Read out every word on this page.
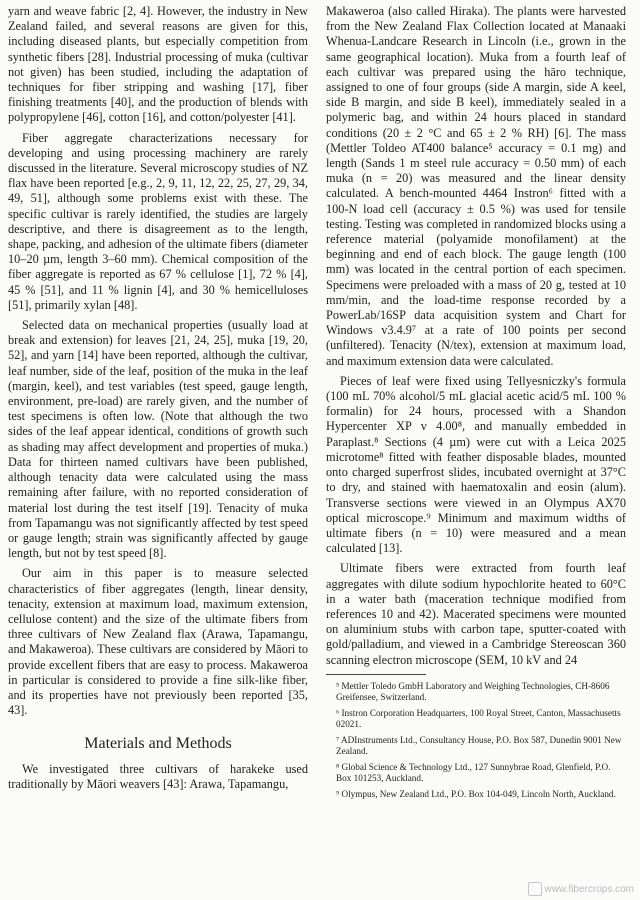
yarn and weave fabric [2, 4]. However, the industry in New Zealand failed, and several reasons are given for this, including diseased plants, but especially competition from synthetic fibers [28]. Industrial processing of muka (cultivar not given) has been studied, including the adaptation of techniques for fiber stripping and washing [17], fiber finishing treatments [40], and the production of blends with polypropylene [46], cotton [16], and cotton/polyester [41].

Fiber aggregate characterizations necessary for developing and using processing machinery are rarely discussed in the literature. Several microscopy studies of NZ flax have been reported [e.g., 2, 9, 11, 12, 22, 25, 27, 29, 34, 49, 51], although some problems exist with these. The specific cultivar is rarely identified, the studies are largely descriptive, and there is disagreement as to the length, shape, packing, and adhesion of the ultimate fibers (diameter 10–20 µm, length 3–60 mm). Chemical composition of the fiber aggregate is reported as 67 % cellulose [1], 72 % [4], 45 % [51], and 11 % lignin [4], and 30 % hemicelluloses [51], primarily xylan [48].

Selected data on mechanical properties (usually load at break and extension) for leaves [21, 24, 25], muka [19, 20, 52], and yarn [14] have been reported, although the cultivar, leaf number, side of the leaf, position of the muka in the leaf (margin, keel), and test variables (test speed, gauge length, environment, pre-load) are rarely given, and the number of test specimens is often low. (Note that although the two sides of the leaf appear identical, conditions of growth such as shading may affect development and properties of muka.) Data for thirteen named cultivars have been published, although tenacity data were calculated using the mass remaining after failure, with no reported consideration of material lost during the test itself [19]. Tenacity of muka from Tapamangu was not significantly affected by test speed or gauge length; strain was significantly affected by gauge length, but not by test speed [8].

Our aim in this paper is to measure selected characteristics of fiber aggregates (length, linear density, tenacity, extension at maximum load, maximum extension, cellulose content) and the size of the ultimate fibers from three cultivars of New Zealand flax (Arawa, Tapamangu, and Makaweroa). These cultivars are considered by Māori to provide excellent fibers that are easy to process. Makaweroa in particular is considered to provide a fine silk-like fiber, and its properties have not previously been reported [35, 43].

Materials and Methods

We investigated three cultivars of harakeke used traditionally by Māori weavers [43]: Arawa, Tapamangu,

Makaweroa (also called Hiraka). The plants were harvested from the New Zealand Flax Collection located at Manaaki Whenua-Landcare Research in Lincoln (i.e., grown in the same geographical location). Muka from a fourth leaf of each cultivar was prepared using the hāro technique, assigned to one of four groups (side A margin, side A keel, side B margin, and side B keel), immediately sealed in a polymeric bag, and within 24 hours placed in standard conditions (20 ± 2 °C and 65 ± 2 % RH) [6]. The mass (Mettler Toldeo AT400 balance⁵ accuracy = 0.1 mg) and length (Sands 1 m steel rule accuracy = 0.50 mm) of each muka (n = 20) was measured and the linear density calculated. A bench-mounted 4464 Instron⁶ fitted with a 100-N load cell (accuracy ± 0.5 %) was used for tensile testing. Testing was completed in randomized blocks using a reference material (polyamide monofilament) at the beginning and end of each block. The gauge length (100 mm) was located in the central portion of each specimen. Specimens were preloaded with a mass of 20 g, tested at 10 mm/min, and the load-time response recorded by a PowerLab/16SP data acquisition system and Chart for Windows v3.4.9⁷ at a rate of 100 points per second (unfiltered). Tenacity (N/tex), extension at maximum load, and maximum extension data were calculated.

Pieces of leaf were fixed using Tellyesniczky's formula (100 mL 70% alcohol/5 mL glacial acetic acid/5 mL 100 % formalin) for 24 hours, processed with a Shandon Hypercenter XP v 4.00⁸, and manually embedded in Paraplast.⁸ Sections (4 µm) were cut with a Leica 2025 microtome⁸ fitted with feather disposable blades, mounted onto charged superfrost slides, incubated overnight at 37°C to dry, and stained with haematoxalin and eosin (alum). Transverse sections were viewed in an Olympus AX70 optical microscope.⁹ Minimum and maximum widths of ultimate fibers (n = 10) were measured and a mean calculated [13].

Ultimate fibers were extracted from fourth leaf aggregates with dilute sodium hypochlorite heated to 60°C in a water bath (maceration technique modified from references 10 and 42). Macerated specimens were mounted on aluminium stubs with carbon tape, sputter-coated with gold/palladium, and viewed in a Cambridge Stereoscan 360 scanning electron microscope (SEM, 10 kV and 24

⁵ Mettler Toledo GmbH Laboratory and Weighing Technologies, CH-8606 Greifensee, Switzerland.

⁶ Instron Corporation Headquarters, 100 Royal Street, Canton, Massachusetts 02021.

⁷ ADInstruments Ltd., Consultancy House, P.O. Box 587, Dunedin 9001 New Zealand.

⁸ Global Science & Technology Ltd., 127 Sunnybrae Road, Glenfield, P.O. Box 101253, Auckland.

⁹ Olympus, New Zealand Ltd., P.O. Box 104-049, Lincoln North, Auckland.

www.fibercrops.com
